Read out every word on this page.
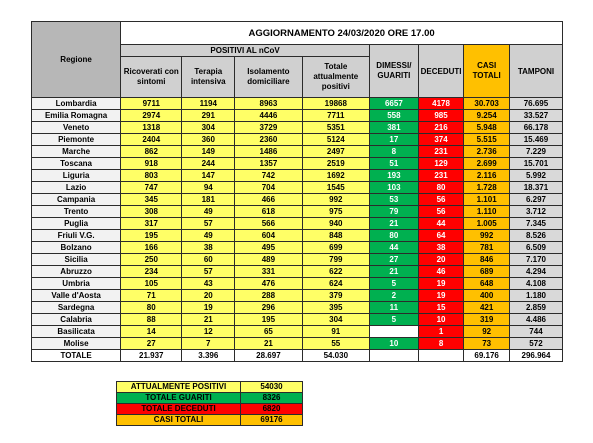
Regione	AGGIORNAMENTO 24/03/2020 ORE 17.00							
	POSITIVI AL nCoV				DIMESSI/ GUARITI	DECEDUTI	CASI TOTALI	TAMPONI
	Ricoverati con sintomi	Terapia intensiva	Isolamento domiciliare	Totale attualmente positivi				
Lombardia	9711	1194	8963	19868	6657	4178	30.703	76.695
Emilia Romagna	2974	291	4446	7711	558	985	9.254	33.527
Veneto	1318	304	3729	5351	381	216	5.948	66.178
Piemonte	2404	360	2360	5124	17	374	5.515	15.469
Marche	862	149	1486	2497	8	231	2.736	7.229
Toscana	918	244	1357	2519	51	129	2.699	15.701
Liguria	803	147	742	1692	193	231	2.116	5.992
Lazio	747	94	704	1545	103	80	1.728	18.371
Campania	345	181	466	992	53	56	1.101	6.297
Trento	308	49	618	975	79	56	1.110	3.712
Puglia	317	57	566	940	21	44	1.005	7.345
Friuli V.G.	195	49	604	848	80	64	992	8.526
Bolzano	166	38	495	699	44	38	781	6.509
Sicilia	250	60	489	799	27	20	846	7.170
Abruzzo	234	57	331	622	21	46	689	4.294
Umbria	105	43	476	624	5	19	648	4.108
Valle d'Aosta	71	20	288	379	2	19	400	1.180
Sardegna	80	19	296	395	11	15	421	2.859
Calabria	88	21	195	304	5	10	319	4.486
Basilicata	14	12	65	91		1	92	744
Molise	27	7	21	55	10	8	73	572
TOTALE	21.937	3.396	28.697	54.030	8.326	6.820	69.176	296.964
ATTUALMENTE POSITIVI	54030
TOTALE GUARITI	8326
TOTALE DECEDUTI	6820
CASI TOTALI	69176
